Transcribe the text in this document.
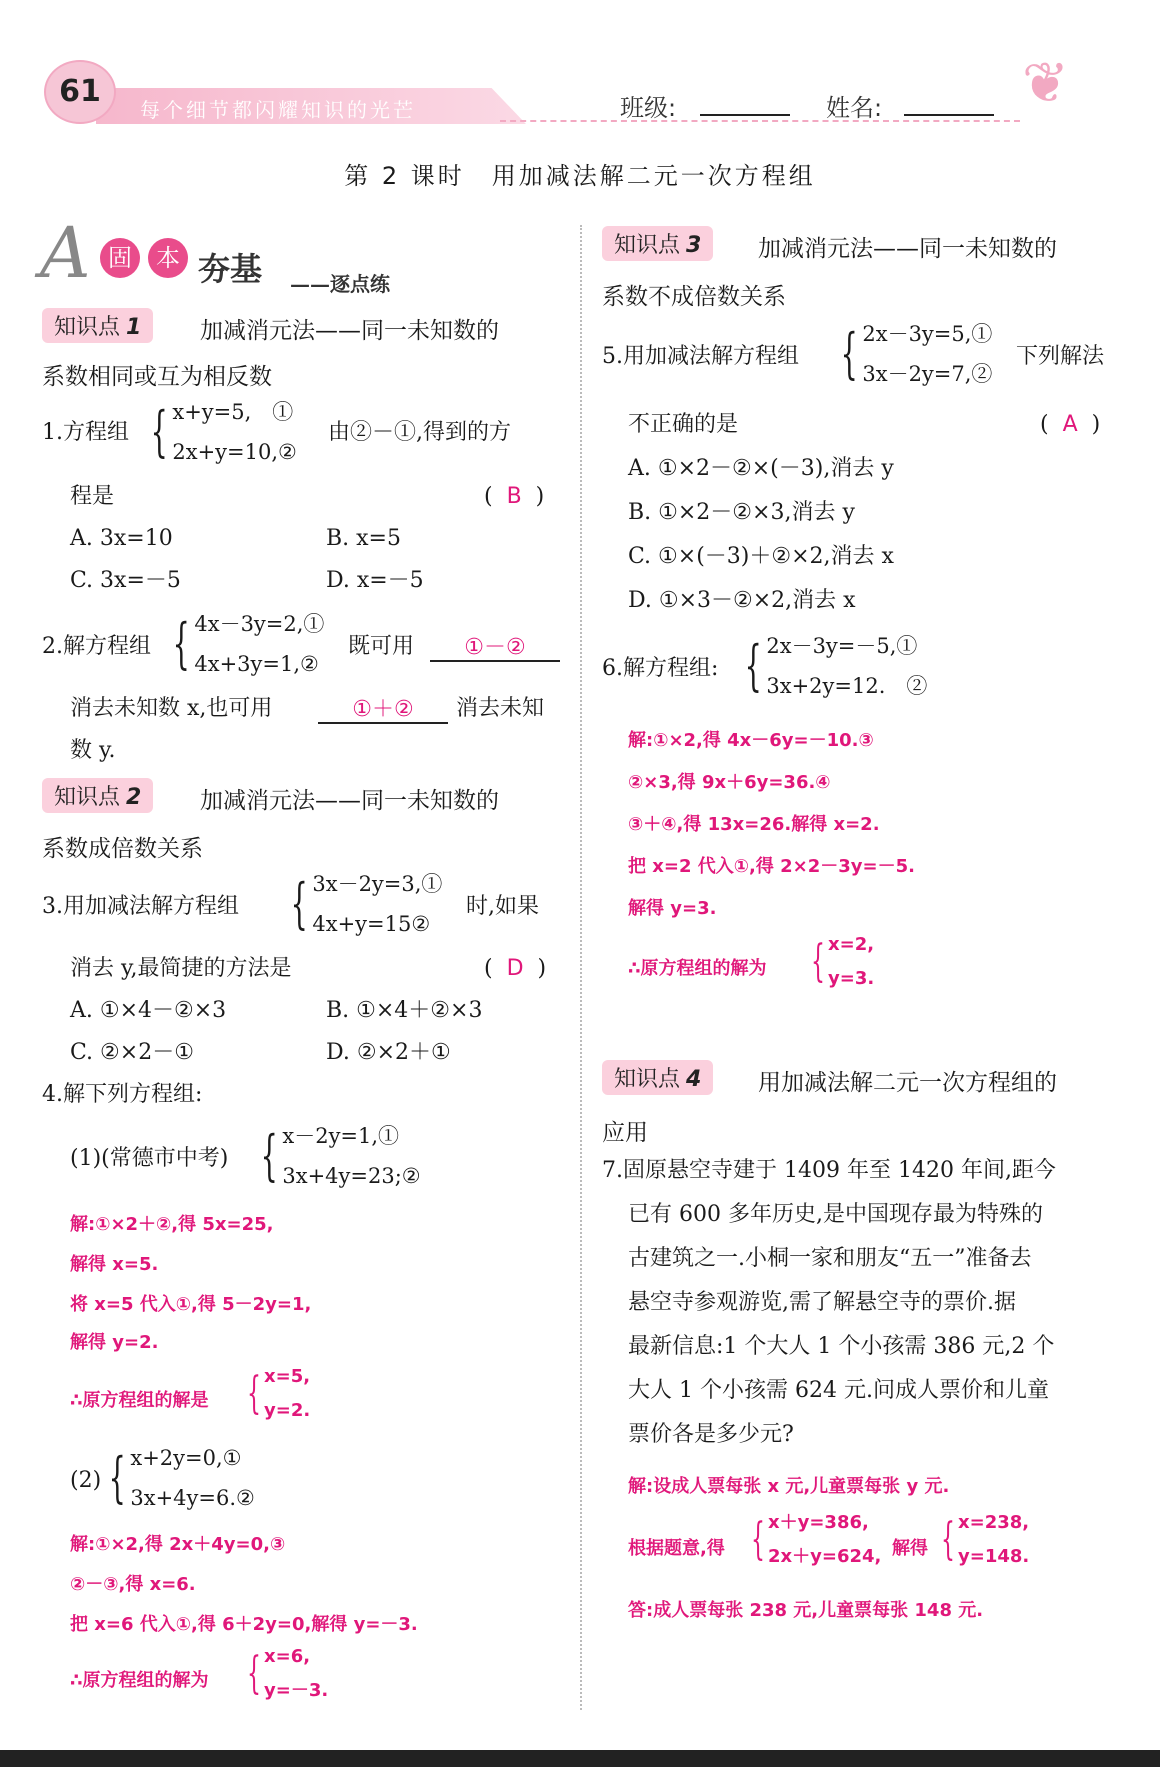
61
每个细节都闪耀知识的光芒	班级:	姓名: ❦
第 2 课时　用加减法解二元一次方程组
A 固	本 夯基 ——逐点练
知识点 1	加减消元法——同一未知数的
系数相同或互为相反数
1.方程组 { x+y=5,　①
2x+y=10,②
由②－①,得到的方
程是	(  B  )
A. 3x=10	B. x=5
C. 3x=－5	D. x=－5
2.解方程组 { 4x－3y=2,①
4x+3y=1,②
既可用	①－②
消去未知数 x,也可用	①＋②	消去未知
数 y.
知识点 2	加减消元法——同一未知数的
系数成倍数关系
3.用加减法解方程组 { 3x－2y=3,①
4x+y=15②
时,如果
消去 y,最简捷的方法是	(  D  )
A. ①×4－②×3	B. ①×4＋②×3
C. ②×2－①	D. ②×2＋①
4.解下列方程组:
(1)(常德市中考) { x－2y=1,①
3x+4y=23;②
解:①×2＋②,得 5x=25,
解得 x=5.
将 x=5 代入①,得 5－2y=1,
解得 y=2.
∴原方程组的解是 { x=5,
y=2.
(2) { x+2y=0,①
3x+4y=6.②
解:①×2,得 2x＋4y=0,③
②－③,得 x=6.
把 x=6 代入①,得 6＋2y=0,解得 y=－3.
∴原方程组的解为 { x=6,
y=－3.
知识点 3	加减消元法——同一未知数的
系数不成倍数关系
5.用加减法解方程组 { 2x－3y=5,①
3x－2y=7,②
下列解法
不正确的是	(  A  )
A. ①×2－②×(－3),消去 y
B. ①×2－②×3,消去 y
C. ①×(－3)＋②×2,消去 x
D. ①×3－②×2,消去 x
6.解方程组: { 2x－3y=－5,①
3x+2y=12.　②
解:①×2,得 4x－6y=－10.③
②×3,得 9x＋6y=36.④
③＋④,得 13x=26.解得 x=2.
把 x=2 代入①,得 2×2－3y=－5.
解得 y=3.
∴原方程组的解为 { x=2,
y=3.
知识点 4	用加减法解二元一次方程组的
应用
7.固原悬空寺建于 1409 年至 1420 年间,距今
已有 600 多年历史,是中国现存最为特殊的
古建筑之一.小桐一家和朋友“五一”准备去
悬空寺参观游览,需了解悬空寺的票价.据
最新信息:1 个大人 1 个小孩需 386 元,2 个
大人 1 个小孩需 624 元.问成人票价和儿童
票价各是多少元?
解:设成人票每张 x 元,儿童票每张 y 元.
根据题意,得 { x＋y=386,
2x＋y=624, 解得 { x=238,
y=148.
答:成人票每张 238 元,儿童票每张 148 元.
